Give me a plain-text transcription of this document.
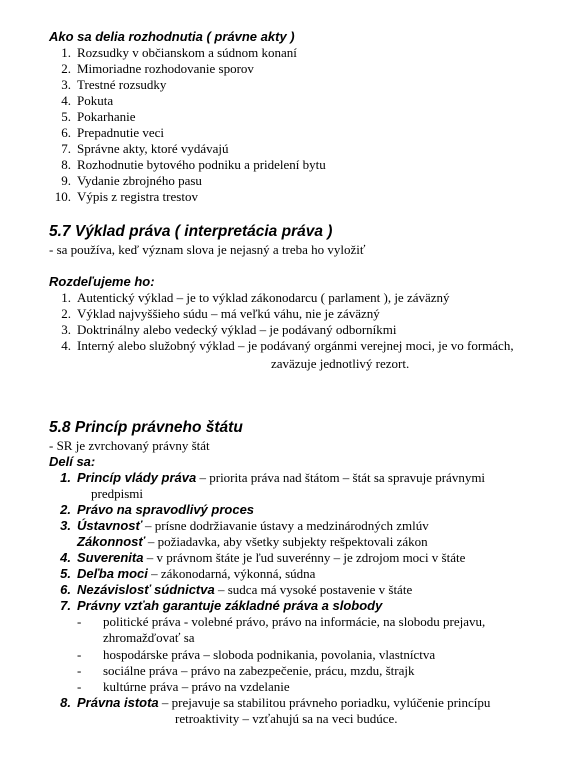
Ako sa delia rozhodnutia ( právne akty )
1. Rozsudky v občianskom a súdnom konaní
2. Mimoriadne rozhodovanie sporov
3. Trestné rozsudky
4. Pokuta
5. Pokarhanie
6. Prepadnutie veci
7. Správne akty, ktoré vydávajú
8. Rozhodnutie bytového podniku a pridelení bytu
9. Vydanie zbrojného pasu
10. Výpis z registra trestov
5.7 Výklad práva ( interpretácia práva )
- sa používa, keď význam slova je nejasný a treba ho vyložiť
Rozdeľujeme ho:
1. Autentický výklad – je to výklad zákonodarcu ( parlament ), je záväzný
2. Výklad najvyššieho súdu – má veľkú váhu, nie je záväzný
3. Doktrinálny alebo vedecký výklad – je podávaný odborníkmi
4. Interný alebo služobný výklad – je podávaný orgánmi verejnej moci, je vo formách,
zaväzuje jednotlivý rezort.
5.8 Princíp právneho štátu
- SR je zvrchovaný právny štát
Delí sa:
1. Princíp vlády práva – priorita práva nad štátom – štát sa spravuje právnymi
predpismi
2. Právo na spravodlivý proces
3. Ústavnosť – prísne dodržiavanie ústavy a medzinárodných zmlúv
Zákonnosť – požiadavka, aby všetky subjekty rešpektovali zákon
4. Suverenita – v právnom štáte je ľud suverénny – je zdrojom moci v štáte
5. Deľba moci – zákonodarná, výkonná, súdna
6. Nezávislosť súdnictva – sudca má vysoké postavenie v štáte
7. Právny vzťah garantuje základné práva a slobody
- politické práva - volebné právo, právo na informácie, na slobodu prejavu,
zhromažďovať sa
- hospodárske práva – sloboda podnikania, povolania, vlastníctva
- sociálne práva – právo na zabezpečenie, prácu, mzdu, štrajk
- kultúrne práva – právo na vzdelanie
8. Právna istota – prejavuje sa stabilitou právneho poriadku, vylúčenie princípu
retroaktivity – vzťahujú sa na veci budúce.
